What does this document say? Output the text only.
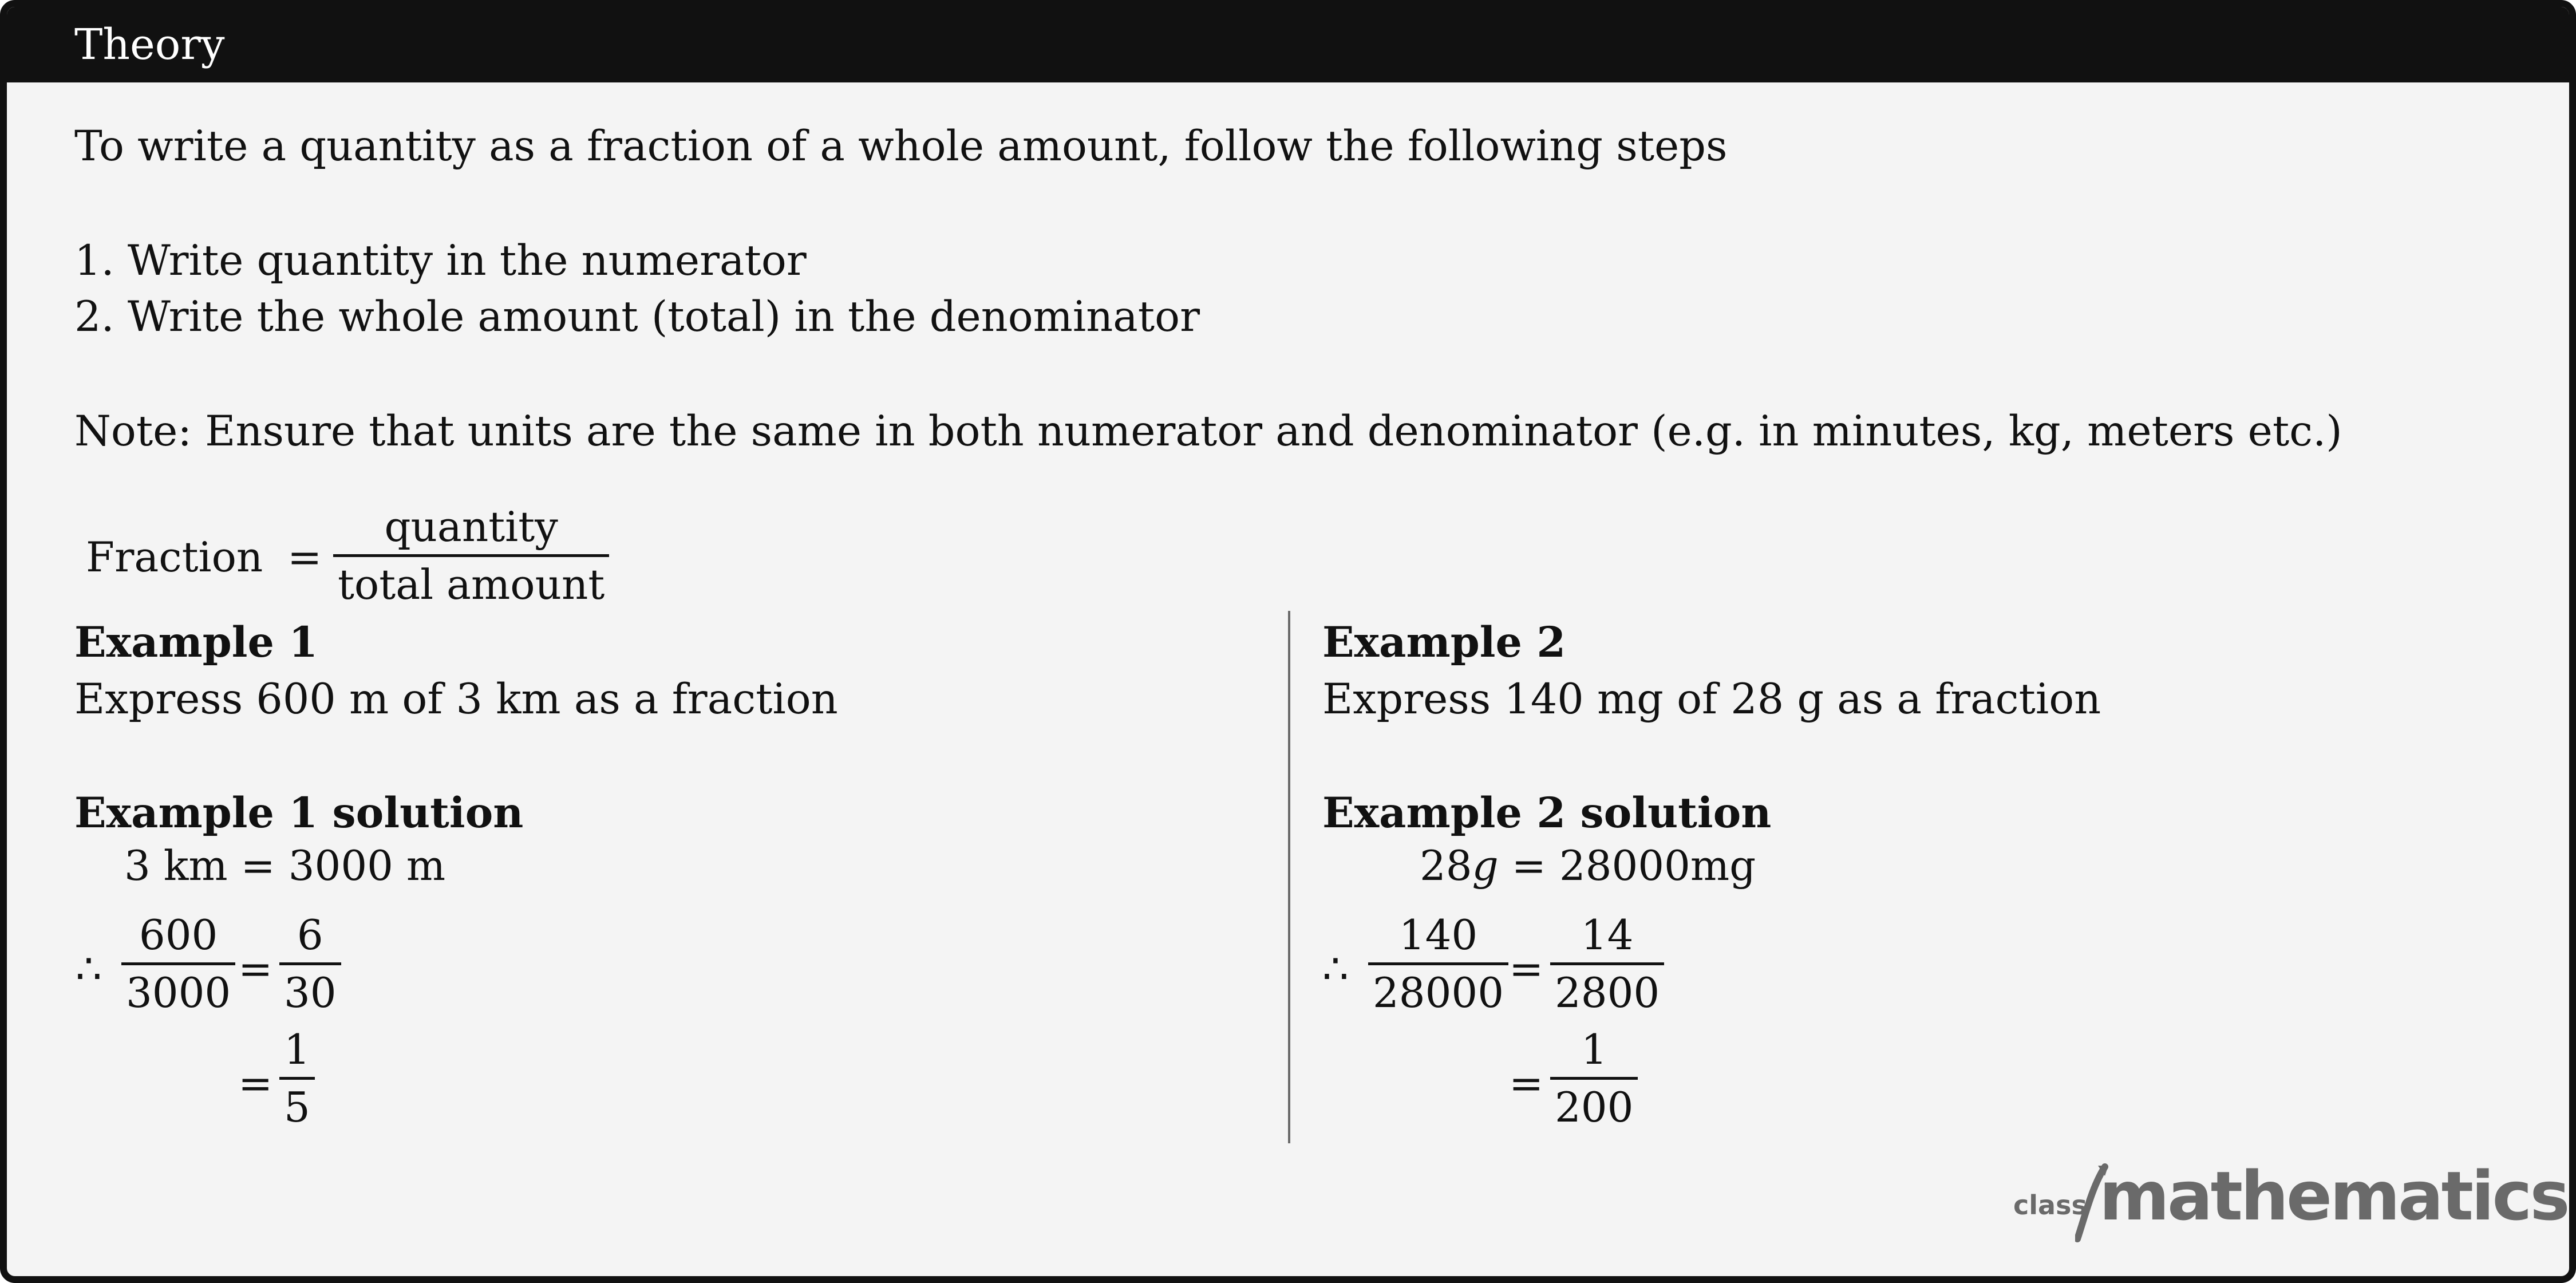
Theory
To write a quantity as a fraction of a whole amount, follow the following steps
1. Write quantity in the numerator
2. Write the whole amount (total) in the denominator
Note: Ensure that units are the same in both numerator and denominator (e.g. in minutes, kg, meters etc.)
Fraction =
quantity
total amount
Example 1
Express 600 m of 3 km as a fraction
Example 1 solution
3 km = 3000 m
∴
600
3000 =
6
30
=
1
5
Example 2
Express 140 mg of 28 g as a fraction
Example 2 solution
28g = 28000mg
∴
140
28000 =
14
2800
=
1
200
class mathematics
